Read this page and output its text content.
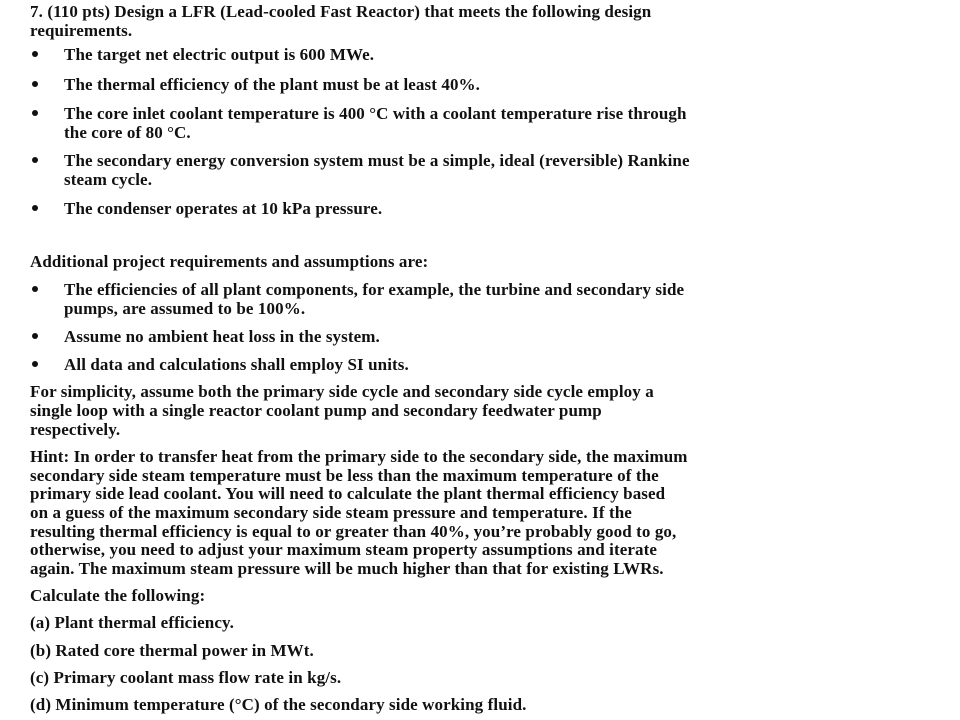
7. (110 pts) Design a LFR (Lead-cooled Fast Reactor) that meets the following design
requirements.
The target net electric output is 600 MWe.
The thermal efficiency of the plant must be at least 40%.
The core inlet coolant temperature is 400 °C with a coolant temperature rise through
the core of 80 °C.
The secondary energy conversion system must be a simple, ideal (reversible) Rankine
steam cycle.
The condenser operates at 10 kPa pressure.
Additional project requirements and assumptions are:
The efficiencies of all plant components, for example, the turbine and secondary side
pumps, are assumed to be 100%.
Assume no ambient heat loss in the system.
All data and calculations shall employ SI units.
For simplicity, assume both the primary side cycle and secondary side cycle employ a
single loop with a single reactor coolant pump and secondary feedwater pump
respectively.
Hint: In order to transfer heat from the primary side to the secondary side, the maximum
secondary side steam temperature must be less than the maximum temperature of the
primary side lead coolant. You will need to calculate the plant thermal efficiency based
on a guess of the maximum secondary side steam pressure and temperature. If the
resulting thermal efficiency is equal to or greater than 40%, you’re probably good to go,
otherwise, you need to adjust your maximum steam property assumptions and iterate
again. The maximum steam pressure will be much higher than that for existing LWRs.
Calculate the following:
(a) Plant thermal efficiency.
(b) Rated core thermal power in MWt.
(c) Primary coolant mass flow rate in kg/s.
(d) Minimum temperature (°C) of the secondary side working fluid.
